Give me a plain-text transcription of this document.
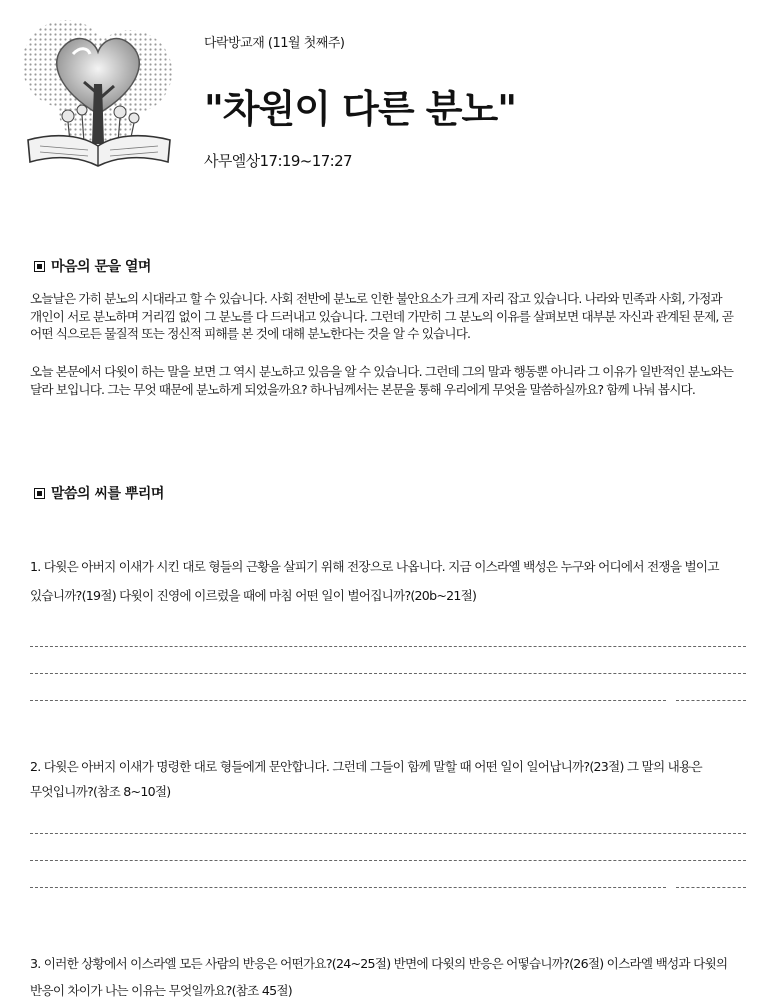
다락방교재 (11월 첫째주)
"차원이 다른 분노"
사무엘상17:19~17:27
마음의 문을 열며
오늘날은 가히 분노의 시대라고 할 수 있습니다. 사회 전반에 분노로 인한 불안요소가 크게 자리 잡고 있습니다. 나라와 민족과 사회, 가정과 개인이 서로 분노하며 거리낌 없이 그 분노를 다 드러내고 있습니다. 그런데 가만히 그 분노의 이유를 살펴보면 대부분 자신과 관계된 문제, 곧 어떤 식으로든 물질적 또는 정신적 피해를 본 것에 대해 분노한다는 것을 알 수 있습니다.
오늘 본문에서 다윗이 하는 말을 보면 그 역시 분노하고 있음을 알 수 있습니다. 그런데 그의 말과 행동뿐 아니라 그 이유가 일반적인 분노와는 달라 보입니다. 그는 무엇 때문에 분노하게 되었을까요? 하나님께서는 본문을 통해 우리에게 무엇을 말씀하실까요? 함께 나눠 봅시다.
말씀의 씨를 뿌리며
1. 다윗은 아버지 이새가 시킨 대로 형들의 근황을 살피기 위해 전장으로 나옵니다. 지금 이스라엘 백성은 누구와 어디에서 전쟁을 벌이고 있습니까?(19절) 다윗이 진영에 이르렀을 때에 마침 어떤 일이 벌어집니까?(20b~21절)
2. 다윗은 아버지 이새가 명령한 대로 형들에게 문안합니다. 그런데 그들이 함께 말할 때 어떤 일이 일어납니까?(23절) 그 말의 내용은 무엇입니까?(참조 8~10절)
3. 이러한 상황에서 이스라엘 모든 사람의 반응은 어떤가요?(24~25절) 반면에 다윗의 반응은 어떻습니까?(26절) 이스라엘 백성과 다윗의 반응이 차이가 나는 이유는 무엇일까요?(참조 45절)
